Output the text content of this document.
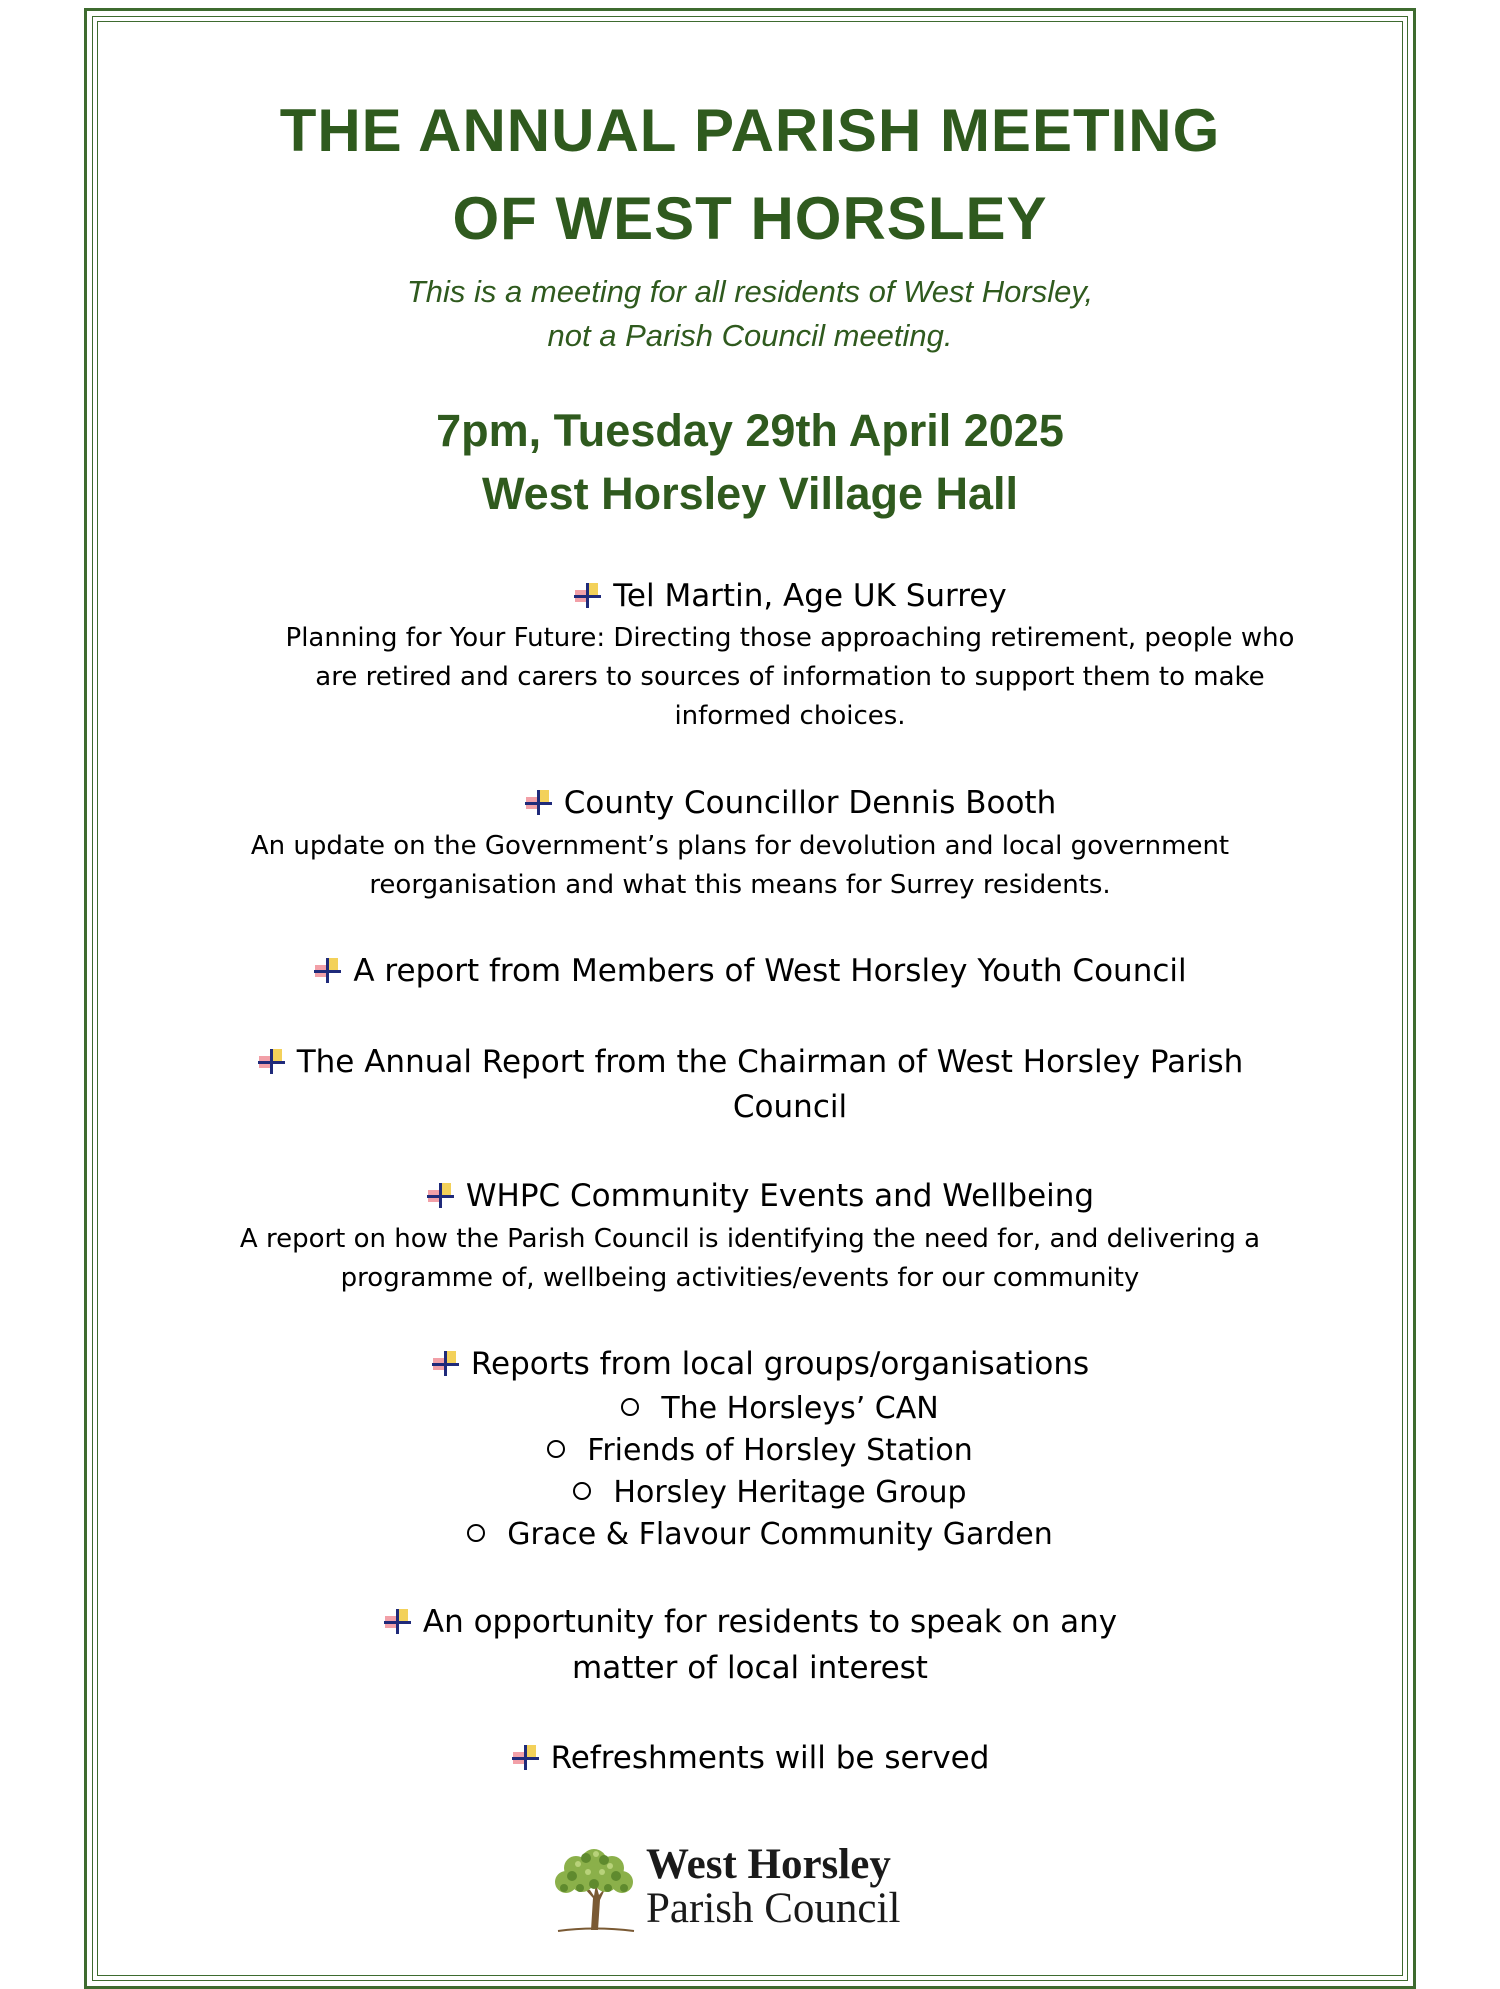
THE ANNUAL PARISH MEETING
OF WEST HORSLEY
This is a meeting for all residents of West Horsley,
not a Parish Council meeting.
7pm, Tuesday 29th April 2025
West Horsley Village Hall
Tel Martin, Age UK Surrey
Planning for Your Future: Directing those approaching retirement, people who
are retired and carers to sources of information to support them to make
informed choices.
County Councillor Dennis Booth
An update on the Government’s plans for devolution and local government
reorganisation and what this means for Surrey residents.
A report from Members of West Horsley Youth Council
The Annual Report from the Chairman of West Horsley Parish
Council
WHPC Community Events and Wellbeing
A report on how the Parish Council is identifying the need for, and delivering a
programme of, wellbeing activities/events for our community
Reports from local groups/organisations
The Horsleys’ CAN
Friends of Horsley Station
Horsley Heritage Group
Grace & Flavour Community Garden
An opportunity for residents to speak on any
matter of local interest
Refreshments will be served
West Horsley
Parish Council
